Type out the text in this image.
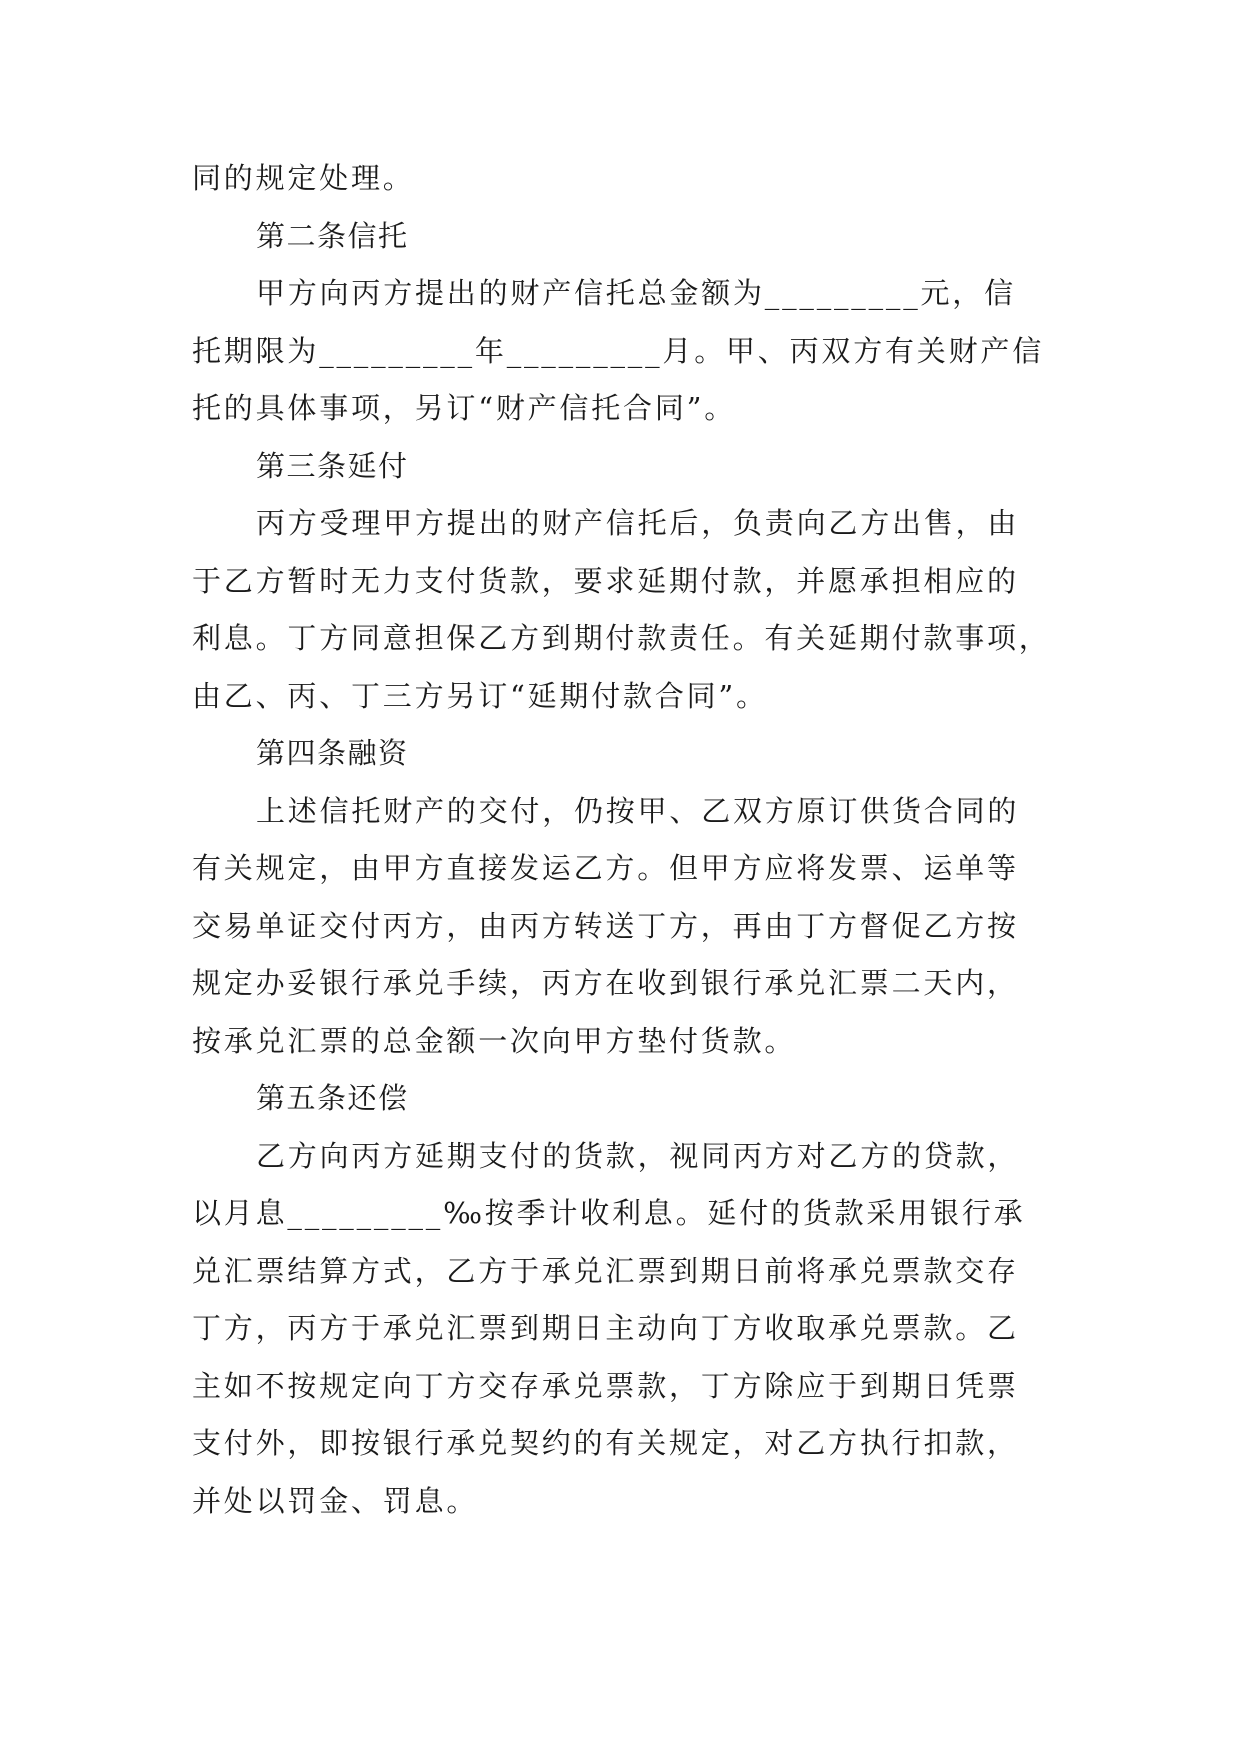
同的规定处理。
第二条信托
甲方向丙方提出的财产信托总金额为_________元，信
托期限为_________年_________月。甲、丙双方有关财产信
托的具体事项，另订“财产信托合同”。
第三条延付
丙方受理甲方提出的财产信托后，负责向乙方出售，由
于乙方暂时无力支付货款，要求延期付款，并愿承担相应的
利息。丁方同意担保乙方到期付款责任。有关延期付款事项，
由乙、丙、丁三方另订“延期付款合同”。
第四条融资
上述信托财产的交付，仍按甲、乙双方原订供货合同的
有关规定，由甲方直接发运乙方。但甲方应将发票、运单等
交易单证交付丙方，由丙方转送丁方，再由丁方督促乙方按
规定办妥银行承兑手续，丙方在收到银行承兑汇票二天内，
按承兑汇票的总金额一次向甲方垫付货款。
第五条还偿
乙方向丙方延期支付的货款，视同丙方对乙方的贷款，
以月息_________‰按季计收利息。延付的货款采用银行承
兑汇票结算方式，乙方于承兑汇票到期日前将承兑票款交存
丁方，丙方于承兑汇票到期日主动向丁方收取承兑票款。乙
主如不按规定向丁方交存承兑票款，丁方除应于到期日凭票
支付外，即按银行承兑契约的有关规定，对乙方执行扣款，
并处以罚金、罚息。
